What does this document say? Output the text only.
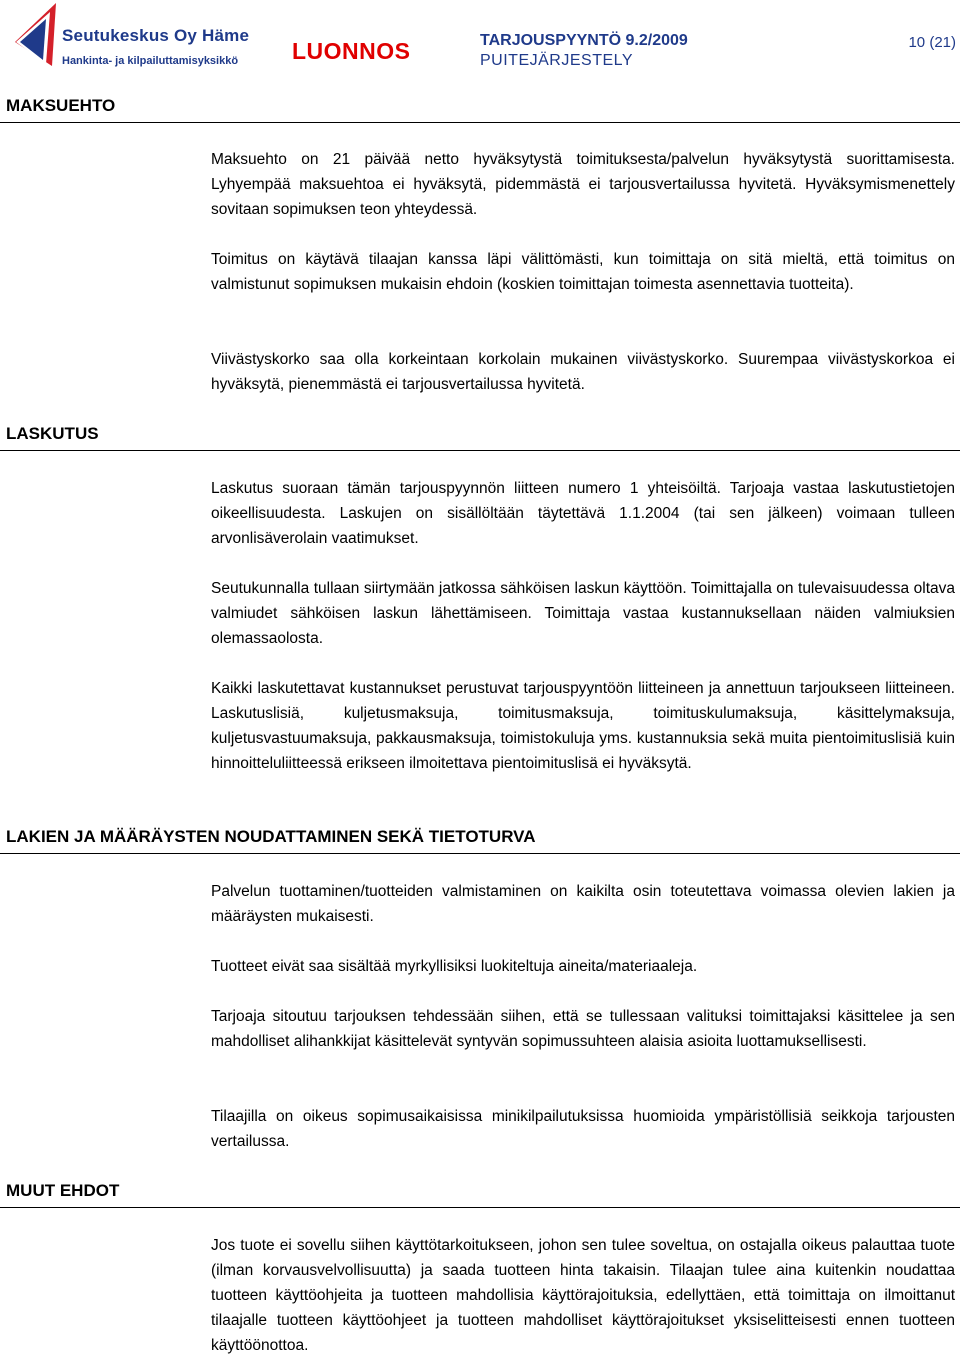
Seutukeskus Oy Häme
Hankinta- ja kilpailuttamisyksikkö LUONNOS	TARJOUSPYYNTÖ 9.2/2009
PUITEJÄRJESTELY
10 (21)
MAKSUEHTO

Maksuehto on 21 päivää netto hyväksytystä toimituksesta/palvelun hyväksytystä suorittamisesta. Lyhyempää maksuehtoa ei hyväksytä, pidemmästä ei tarjousvertailussa hyvitetä. Hyväksymismenettely sovitaan sopimuksen teon yhteydessä.

Toimitus on käytävä tilaajan kanssa läpi välittömästi, kun toimittaja on sitä mieltä, että toimitus on valmistunut sopimuksen mukaisin ehdoin (koskien toimittajan toimesta asennettavia tuotteita).

Viivästyskorko saa olla korkeintaan korkolain mukainen viivästyskorko. Suurempaa viivästyskorkoa ei hyväksytä, pienemmästä ei tarjousvertailussa hyvitetä.

LASKUTUS

Laskutus suoraan tämän tarjouspyynnön liitteen numero 1 yhteisöiltä. Tarjoaja vastaa laskutustietojen oikeellisuudesta. Laskujen on sisällöltään täytettävä 1.1.2004 (tai sen jälkeen) voimaan tulleen arvonlisäverolain vaatimukset.

Seutukunnalla tullaan siirtymään jatkossa sähköisen laskun käyttöön. Toimittajalla on tulevaisuudessa oltava valmiudet sähköisen laskun lähettämiseen. Toimittaja vastaa kustannuksellaan näiden valmiuksien olemassaolosta.

Kaikki laskutettavat kustannukset perustuvat tarjouspyyntöön liitteineen ja annettuun tarjoukseen liitteineen. Laskutuslisiä, kuljetusmaksuja, toimitusmaksuja, toimituskulumaksuja, käsittelymaksuja, kuljetusvastuumaksuja, pakkausmaksuja, toimistokuluja yms. kustannuksia sekä muita pientoimituslisiä kuin hinnoitteluliitteessä erikseen ilmoitettava pientoimituslisä ei hyväksytä.

LAKIEN JA MÄÄRÄYSTEN NOUDATTAMINEN SEKÄ TIETOTURVA

Palvelun tuottaminen/tuotteiden valmistaminen on kaikilta osin toteutettava voimassa olevien lakien ja määräysten mukaisesti.

Tuotteet eivät saa sisältää myrkyllisiksi luokiteltuja aineita/materiaaleja.

Tarjoaja sitoutuu tarjouksen tehdessään siihen, että se tullessaan valituksi toimittajaksi käsittelee ja sen mahdolliset alihankkijat käsittelevät syntyvän sopimussuhteen alaisia asioita luottamuksellisesti.

Tilaajilla on oikeus sopimusaikaisissa minikilpailutuksissa huomioida ympäristöllisiä seikkoja tarjousten vertailussa.

MUUT EHDOT

Jos tuote ei sovellu siihen käyttötarkoitukseen, johon sen tulee soveltua, on ostajalla oikeus palauttaa tuote (ilman korvausvelvollisuutta) ja saada tuotteen hinta takaisin. Tilaajan tulee aina kuitenkin noudattaa tuotteen käyttöohjeita ja tuotteen mahdollisia käyttörajoituksia, edellyttäen, että toimittaja on ilmoittanut tilaajalle tuotteen käyttöohjeet ja tuotteen mahdolliset käyttörajoitukset yksiselitteisesti ennen tuotteen käyttöönottoa.
